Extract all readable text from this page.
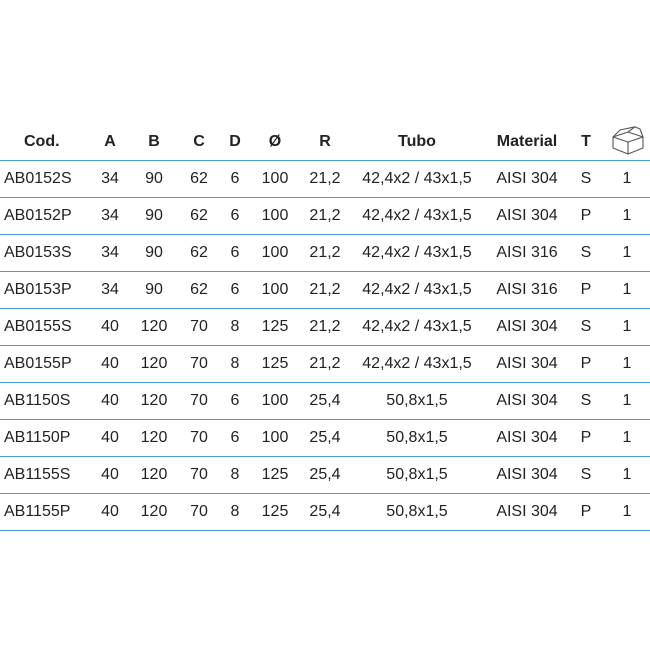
Cod.	A	B	C	D	Ø	R	Tubo	Material	T
AB0152S	34	90	62	6	100	21,2	42,4x2 / 43x1,5	AISI 304	S	1
AB0152P	34	90	62	6	100	21,2	42,4x2 / 43x1,5	AISI 304	P	1
AB0153S	34	90	62	6	100	21,2	42,4x2 / 43x1,5	AISI 316	S	1
AB0153P	34	90	62	6	100	21,2	42,4x2 / 43x1,5	AISI 316	P	1
AB0155S	40	120	70	8	125	21,2	42,4x2 / 43x1,5	AISI 304	S	1
AB0155P	40	120	70	8	125	21,2	42,4x2 / 43x1,5	AISI 304	P	1
AB1150S	40	120	70	6	100	25,4	50,8x1,5	AISI 304	S	1
AB1150P	40	120	70	6	100	25,4	50,8x1,5	AISI 304	P	1
AB1155S	40	120	70	8	125	25,4	50,8x1,5	AISI 304	S	1
AB1155P	40	120	70	8	125	25,4	50,8x1,5	AISI 304	P	1
